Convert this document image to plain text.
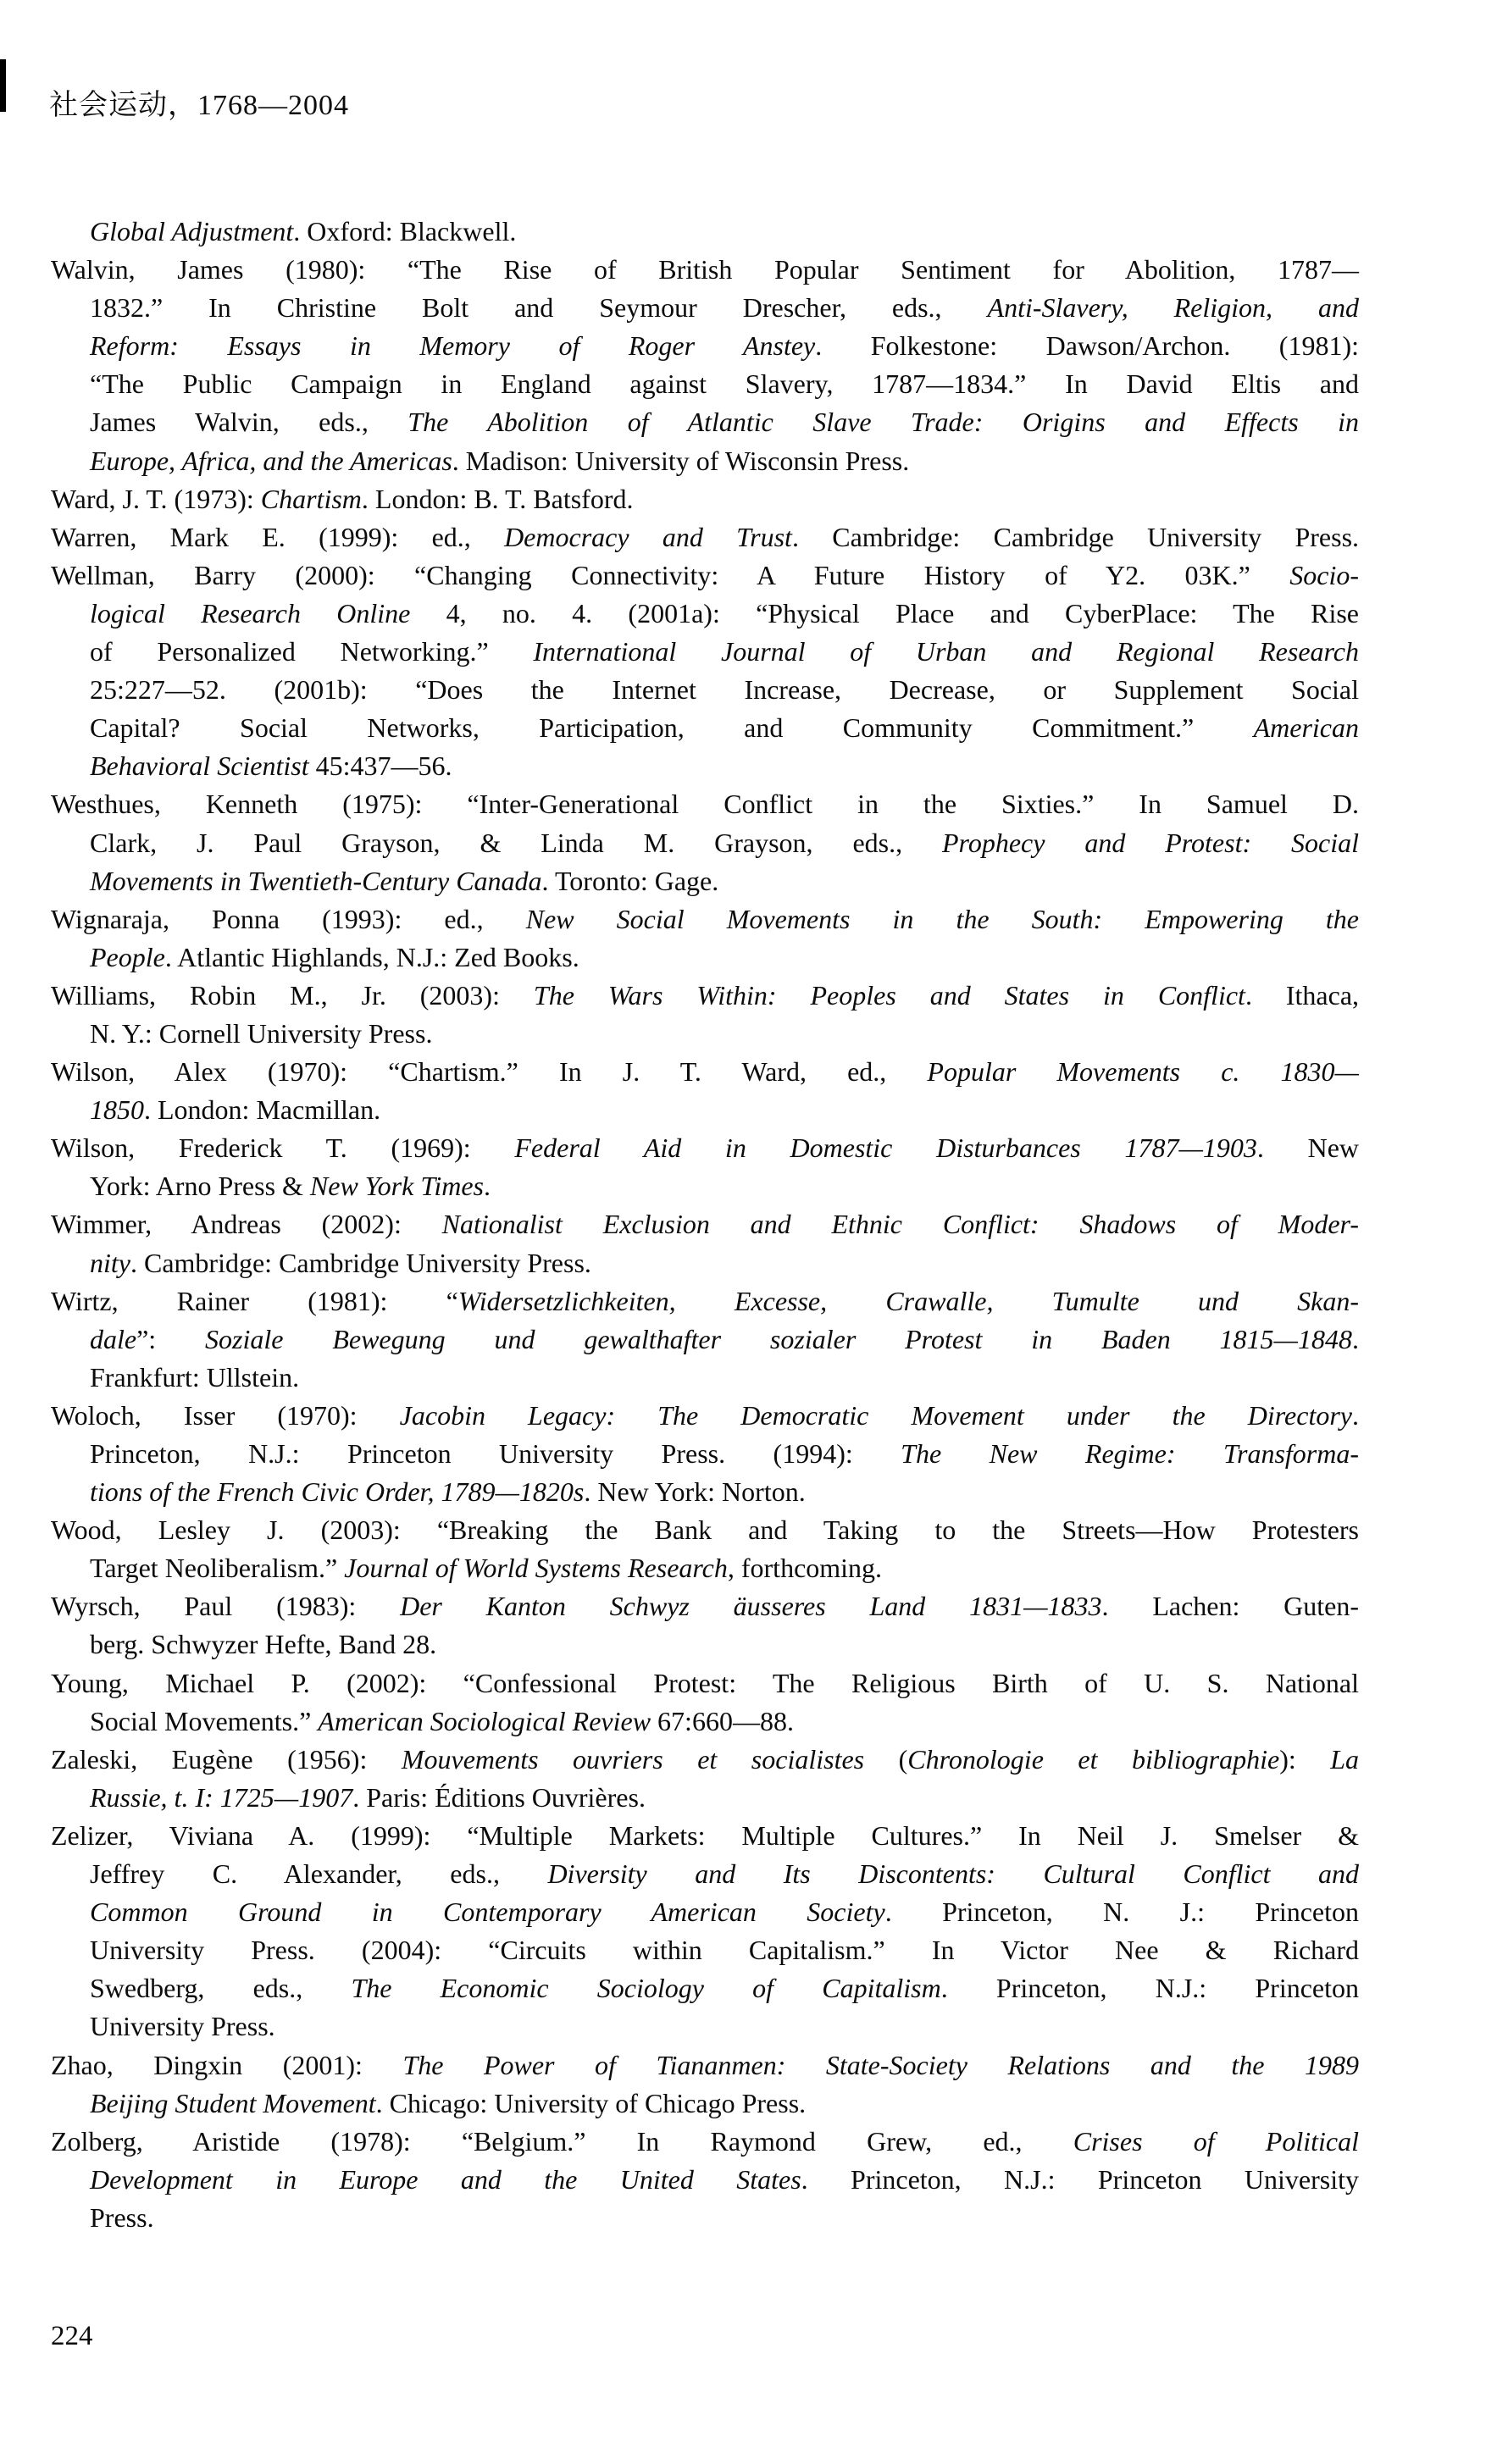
社会运动，1768—2004
Global Adjustment. Oxford: Blackwell.
Walvin, James (1980): “The Rise of British Popular Sentiment for Abolition, 1787—
1832.” In Christine Bolt and Seymour Drescher, eds., Anti-Slavery, Religion, and
Reform: Essays in Memory of Roger Anstey. Folkestone: Dawson/Archon. (1981):
“The Public Campaign in England against Slavery, 1787—1834.” In David Eltis and
James Walvin, eds., The Abolition of Atlantic Slave Trade: Origins and Effects in
Europe, Africa, and the Americas. Madison: University of Wisconsin Press.
Ward, J. T. (1973): Chartism. London: B. T. Batsford.
Warren, Mark E. (1999): ed., Democracy and Trust. Cambridge: Cambridge University Press.
Wellman, Barry (2000): “Changing Connectivity: A Future History of Y2. 03K.” Socio-
logical Research Online 4, no. 4. (2001a): “Physical Place and CyberPlace: The Rise
of Personalized Networking.” International Journal of Urban and Regional Research
25:227—52. (2001b): “Does the Internet Increase, Decrease, or Supplement Social
Capital? Social Networks, Participation, and Community Commitment.” American
Behavioral Scientist 45:437—56.
Westhues, Kenneth (1975): “Inter-Generational Conflict in the Sixties.” In Samuel D.
Clark, J. Paul Grayson, & Linda M. Grayson, eds., Prophecy and Protest: Social
Movements in Twentieth-Century Canada. Toronto: Gage.
Wignaraja, Ponna (1993): ed., New Social Movements in the South: Empowering the
People. Atlantic Highlands, N.J.: Zed Books.
Williams, Robin M., Jr. (2003): The Wars Within: Peoples and States in Conflict. Ithaca,
N. Y.: Cornell University Press.
Wilson, Alex (1970): “Chartism.” In J. T. Ward, ed., Popular Movements c. 1830—
1850. London: Macmillan.
Wilson, Frederick T. (1969): Federal Aid in Domestic Disturbances 1787—1903. New
York: Arno Press & New York Times.
Wimmer, Andreas (2002): Nationalist Exclusion and Ethnic Conflict: Shadows of Moder-
nity. Cambridge: Cambridge University Press.
Wirtz, Rainer (1981): “Widersetzlichkeiten, Excesse, Crawalle, Tumulte und Skan-
dale”: Soziale Bewegung und gewalthafter sozialer Protest in Baden 1815—1848.
Frankfurt: Ullstein.
Woloch, Isser (1970): Jacobin Legacy: The Democratic Movement under the Directory.
Princeton, N.J.: Princeton University Press. (1994): The New Regime: Transforma-
tions of the French Civic Order, 1789—1820s. New York: Norton.
Wood, Lesley J. (2003): “Breaking the Bank and Taking to the Streets—How Protesters
Target Neoliberalism.” Journal of World Systems Research, forthcoming.
Wyrsch, Paul (1983): Der Kanton Schwyz äusseres Land 1831—1833. Lachen: Guten-
berg. Schwyzer Hefte, Band 28.
Young, Michael P. (2002): “Confessional Protest: The Religious Birth of U. S. National
Social Movements.” American Sociological Review 67:660—88.
Zaleski, Eugène (1956): Mouvements ouvriers et socialistes (Chronologie et bibliographie): La
Russie, t. I: 1725—1907. Paris: Éditions Ouvrières.
Zelizer, Viviana A. (1999): “Multiple Markets: Multiple Cultures.” In Neil J. Smelser &
Jeffrey C. Alexander, eds., Diversity and Its Discontents: Cultural Conflict and
Common Ground in Contemporary American Society. Princeton, N. J.: Princeton
University Press. (2004): “Circuits within Capitalism.” In Victor Nee & Richard
Swedberg, eds., The Economic Sociology of Capitalism. Princeton, N.J.: Princeton
University Press.
Zhao, Dingxin (2001): The Power of Tiananmen: State-Society Relations and the 1989
Beijing Student Movement. Chicago: University of Chicago Press.
Zolberg, Aristide (1978): “Belgium.” In Raymond Grew, ed., Crises of Political
Development in Europe and the United States. Princeton, N.J.: Princeton University
Press.
224
